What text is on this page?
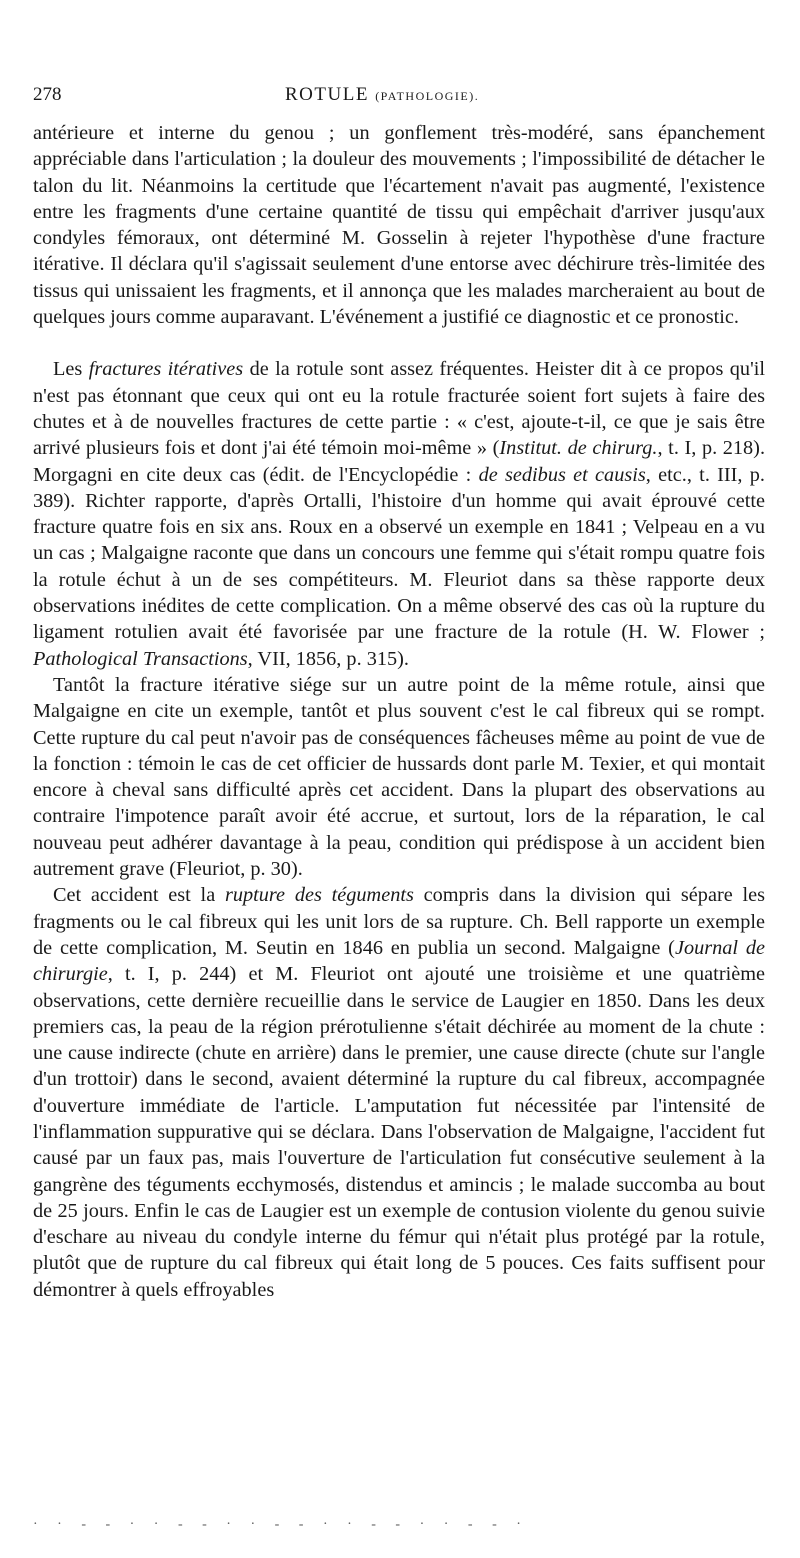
278	ROTULE (PATHOLOGIE).

antérieure et interne du genou ; un gonflement très-modéré, sans épanchement appréciable dans l'articulation ; la douleur des mouvements ; l'impossibilité de détacher le talon du lit. Néanmoins la certitude que l'écartement n'avait pas augmenté, l'existence entre les fragments d'une certaine quantité de tissu qui empêchait d'arriver jusqu'aux condyles fémoraux, ont déterminé M. Gosselin à rejeter l'hypothèse d'une fracture itérative. Il déclara qu'il s'agissait seulement d'une entorse avec déchirure très-limitée des tissus qui unissaient les fragments, et il annonça que les malades marcheraient au bout de quelques jours comme auparavant. L'événement a justifié ce diagnostic et ce pronostic.

Les fractures itératives de la rotule sont assez fréquentes. Heister dit à ce propos qu'il n'est pas étonnant que ceux qui ont eu la rotule fracturée soient fort sujets à faire des chutes et à de nouvelles fractures de cette partie : « c'est, ajoute-t-il, ce que je sais être arrivé plusieurs fois et dont j'ai été témoin moi-même » (Institut. de chirurg., t. I, p. 218). Morgagni en cite deux cas (édit. de l'Encyclopédie : de sedibus et causis, etc., t. III, p. 389). Richter rapporte, d'après Ortalli, l'histoire d'un homme qui avait éprouvé cette fracture quatre fois en six ans. Roux en a observé un exemple en 1841 ; Velpeau en a vu un cas ; Malgaigne raconte que dans un concours une femme qui s'était rompu quatre fois la rotule échut à un de ses compétiteurs. M. Fleuriot dans sa thèse rapporte deux observations inédites de cette complication. On a même observé des cas où la rupture du ligament rotulien avait été favorisée par une fracture de la rotule (H. W. Flower ; Pathological Transactions, VII, 1856, p. 315).

Tantôt la fracture itérative siége sur un autre point de la même rotule, ainsi que Malgaigne en cite un exemple, tantôt et plus souvent c'est le cal fibreux qui se rompt. Cette rupture du cal peut n'avoir pas de conséquences fâcheuses même au point de vue de la fonction : témoin le cas de cet officier de hussards dont parle M. Texier, et qui montait encore à cheval sans difficulté après cet accident. Dans la plupart des observations au contraire l'impotence paraît avoir été accrue, et surtout, lors de la réparation, le cal nouveau peut adhérer davantage à la peau, condition qui prédispose à un accident bien autrement grave (Fleuriot, p. 30).

Cet accident est la rupture des téguments compris dans la division qui sépare les fragments ou le cal fibreux qui les unit lors de sa rupture. Ch. Bell rapporte un exemple de cette complication, M. Seutin en 1846 en publia un second. Malgaigne (Journal de chirurgie, t. I, p. 244) et M. Fleuriot ont ajouté une troisième et une quatrième observations, cette dernière recueillie dans le service de Laugier en 1850. Dans les deux premiers cas, la peau de la région prérotulienne s'était déchirée au moment de la chute : une cause indirecte (chute en arrière) dans le premier, une cause directe (chute sur l'angle d'un trottoir) dans le second, avaient déterminé la rupture du cal fibreux, accompagnée d'ouverture immédiate de l'article. L'amputation fut nécessitée par l'intensité de l'inflammation suppurative qui se déclara. Dans l'observation de Malgaigne, l'accident fut causé par un faux pas, mais l'ouverture de l'articulation fut consécutive seulement à la gangrène des téguments ecchymosés, distendus et amincis ; le malade succomba au bout de 25 jours. Enfin le cas de Laugier est un exemple de contusion violente du genou suivie d'eschare au niveau du condyle interne du fémur qui n'était plus protégé par la rotule, plutôt que de rupture du cal fibreux qui était long de 5 pouces. Ces faits suffisent pour démontrer à quels effroyables

· · - - · · - - · · - - · · - - · · - - ·
